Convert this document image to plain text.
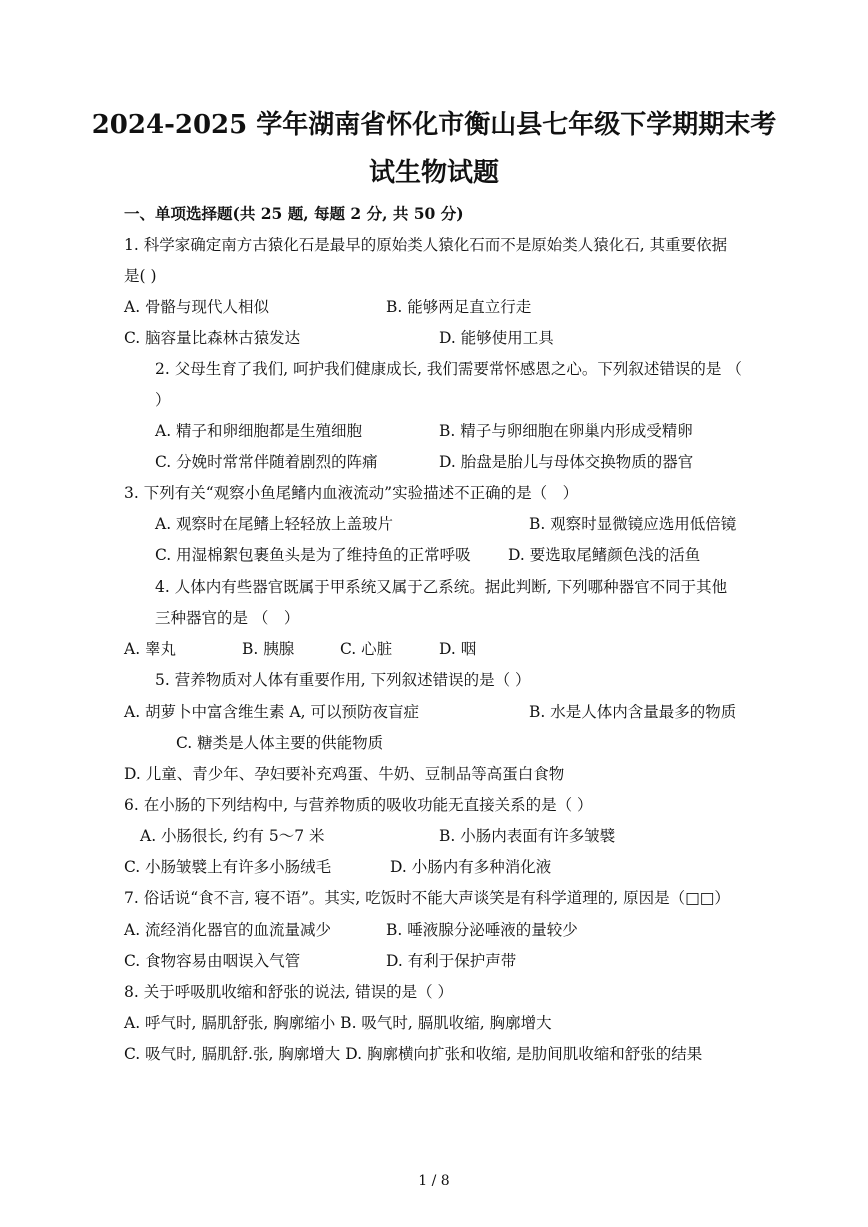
2024-2025 学年湖南省怀化市衡山县七年级下学期期末考
试生物试题
一、单项选择题(共 25 题, 每题 2 分, 共 50 分)
1. 科学家确定南方古猿化石是最早的原始类人猿化石而不是原始类人猿化石, 其重要依据
是( )
A. 骨骼与现代人相似	B. 能够两足直立行走
C. 脑容量比森林古猿发达	D. 能够使用工具
2. 父母生育了我们, 呵护我们健康成长, 我们需要常怀感恩之心。下列叙述错误的是 （
）
A. 精子和卵细胞都是生殖细胞	B. 精子与卵细胞在卵巢内形成受精卵
C. 分娩时常常伴随着剧烈的阵痛	D. 胎盘是胎儿与母体交换物质的器官
3. 下列有关“观察小鱼尾鳍内血液流动”实验描述不正确的是（　）
A. 观察时在尾鳍上轻轻放上盖玻片	B. 观察时显微镜应选用低倍镜
C. 用湿棉絮包裹鱼头是为了维持鱼的正常呼吸 D. 要选取尾鳍颜色浅的活鱼
4. 人体内有些器官既属于甲系统又属于乙系统。据此判断, 下列哪种器官不同于其他
三种器官的是 （　）
A. 睾丸	B. 胰腺	C. 心脏	D. 咽
5. 营养物质对人体有重要作用, 下列叙述错误的是（ ）
A. 胡萝卜中富含维生素 A, 可以预防夜盲症	B. 水是人体内含量最多的物质
C. 糖类是人体主要的供能物质
D. 儿童、青少年、孕妇要补充鸡蛋、牛奶、豆制品等高蛋白食物
6. 在小肠的下列结构中, 与营养物质的吸收功能无直接关系的是（ ）
A. 小肠很长, 约有 5～7 米	B. 小肠内表面有许多皱襞
C. 小肠皱襞上有许多小肠绒毛	D. 小肠内有多种消化液
7. 俗话说“食不言, 寝不语”。其实, 吃饭时不能大声谈笑是有科学道理的, 原因是（□□）
A. 流经消化器官的血流量减少	B. 唾液腺分泌唾液的量较少
C. 食物容易由咽误入气管	D. 有利于保护声带
8. 关于呼吸肌收缩和舒张的说法, 错误的是（ ）
A. 呼气时, 膈肌舒张, 胸廓缩小 B. 吸气时, 膈肌收缩, 胸廓增大
C. 吸气时, 膈肌舒.张, 胸廓增大 D. 胸廓横向扩张和收缩, 是肋间肌收缩和舒张的结果
1 / 8
